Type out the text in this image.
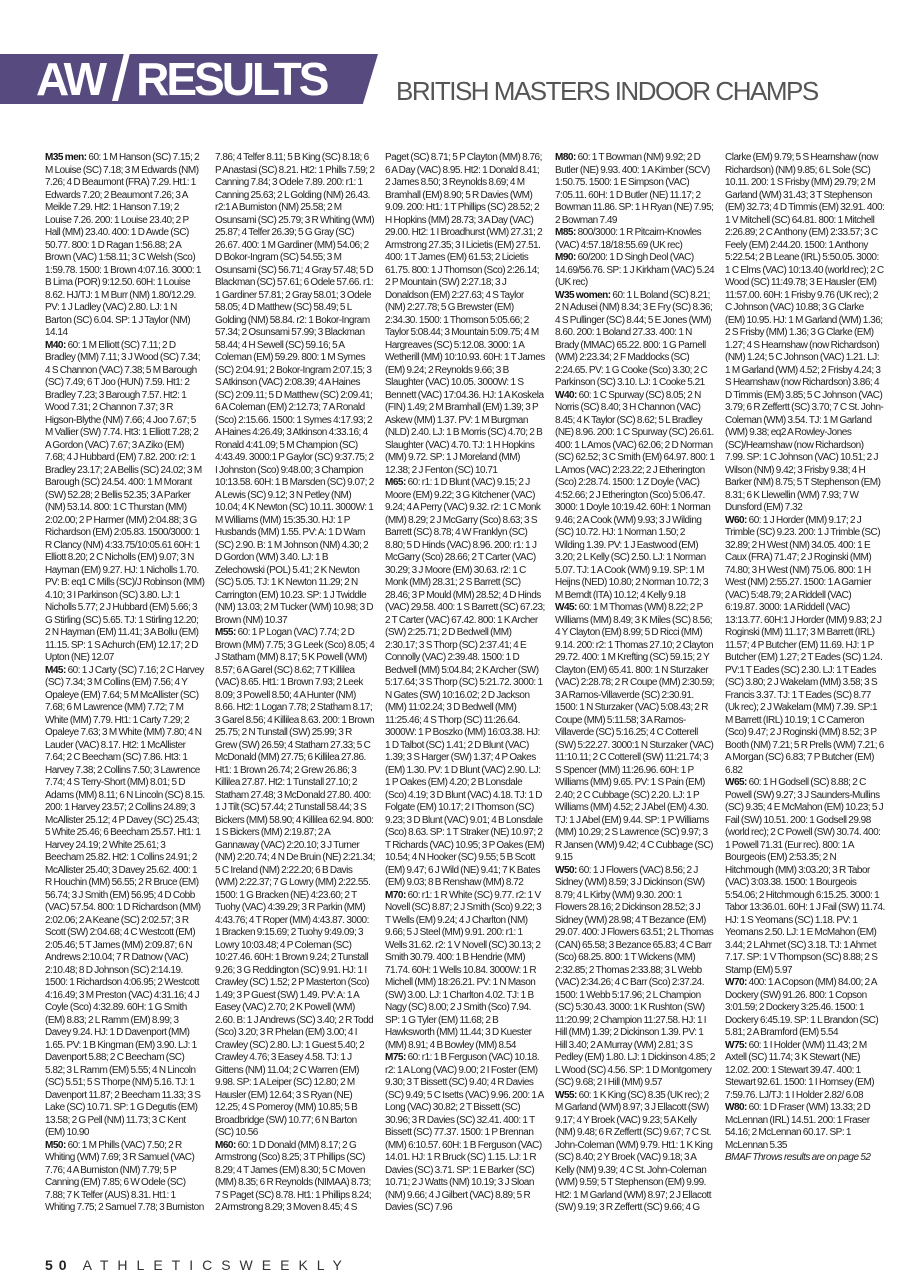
AW RESULTS	BRITISH MASTERS INDOOR CHAMPS

M35 men: 60: 1 M Hanson (SC) 7.15; 2 M Louise (SC) 7.18; 3 M Edwards (NM) 7.26; 4 D Beaumont (FRA) 7.29. Ht1: 1 Edwards 7.20; 2 Beaumont 7.26; 3 A Meikle 7.29. Ht2: 1 Hanson 7.19; 2 Louise 7.26. 200: 1 Louise 23.40; 2 P Hall (MM) 23.40. 400: 1 D Awde (SC) 50.77. 800: 1 D Ragan 1:56.88; 2 A Brown (VAC) 1:58.11; 3 C Welsh (Sco) 1:59.78. 1500: 1 Brown 4:07.16. 3000: 1 B Lima (POR) 9:12.50. 60H: 1 Louise 8.62. HJ/TJ: 1 M Burr (NM) 1.80/12.29. PV: 1 J Ladley (VAC) 2.80. LJ: 1 N Barton (SC) 6.04. SP: 1 J Taylor (NM) 14.14

M40: 60: 1 M Elliott (SC) 7.11; 2 D Bradley (MM) 7.11; 3 J Wood (SC) 7.34; 4 S Channon (VAC) 7.38; 5 M Barough (SC) 7.49; 6 T Joo (HUN) 7.59. Ht1: 2 Bradley 7.23; 3 Barough 7.57. Ht2: 1 Wood 7.31; 2 Channon 7.37; 3 R Higson-Blythe (NM) 7.66; 4 Joo 7.67; 5 M Vallier (SW) 7.74. Ht3: 1 Elliott 7.28; 2 A Gordon (VAC) 7.67; 3 A Ziko (EM) 7.68; 4 J Hubbard (EM) 7.82. 200: r2: 1 Bradley 23.17; 2 A Bellis (SC) 24.02; 3 M Barough (SC) 24.54. 400: 1 M Morant (SW) 52.28; 2 Bellis 52.35; 3 A Parker (NM) 53.14. 800: 1 C Thurstan (MM) 2:02.00; 2 P Harmer (MM) 2:04.88; 3 G Richardson (EM) 2:05.83. 1500/3000: 1 R Clancy (NM) 4:33.75/10:05.61 60H: 1 Elliott 8.20; 2 C Nicholls (EM) 9.07; 3 N Hayman (EM) 9.27. HJ: 1 Nicholls 1.70. PV: B: eq1 C Mills (SC)/J Robinson (MM) 4.10; 3 I Parkinson (SC) 3.80. LJ: 1 Nicholls 5.77; 2 J Hubbard (EM) 5.66; 3 G Stirling (SC) 5.65. TJ: 1 Stirling 12.20; 2 N Hayman (EM) 11.41; 3 A Bollu (EM) 11.15. SP: 1 S Achurch (EM) 12.17; 2 D Upton (NE) 12.07

M45: 60: 1 J Carty (SC) 7.16; 2 C Harvey (SC) 7.34; 3 M Collins (EM) 7.56; 4 Y Opaleye (EM) 7.64; 5 M McAllister (SC) 7.68; 6 M Lawrence (MM) 7.72; 7 M White (MM) 7.79. Ht1: 1 Carty 7.29; 2 Opaleye 7.63; 3 M White (MM) 7.80; 4 N Lauder (VAC) 8.17. Ht2: 1 McAllister 7.64; 2 C Beecham (SC) 7.86. Ht3: 1 Harvey 7.38; 2 Collins 7.50; 3 Lawrence 7.74; 4 S Terry-Short (MM) 8.01; 5 D Adams (MM) 8.11; 6 N Lincoln (SC) 8.15. 200: 1 Harvey 23.57; 2 Collins 24.89; 3 McAllister 25.12; 4 P Davey (SC) 25.43; 5 White 25.46; 6 Beecham 25.57. Ht1: 1 Harvey 24.19; 2 White 25.61; 3 Beecham 25.82. Ht2: 1 Collins 24.91; 2 McAllister 25.40; 3 Davey 25.62. 400: 1 R Houchin (MM) 56.55; 2 R Bruce (EM) 56.74; 3 J Smith (EM) 56.95; 4 D Cobb (VAC) 57.54. 800: 1 D Richardson (MM) 2:02.06; 2 A Keane (SC) 2:02.57; 3 R Scott (SW) 2:04.68; 4 C Westcott (EM) 2:05.46; 5 T James (MM) 2:09.87; 6 N Andrews 2:10.04; 7 R Datnow (VAC) 2:10.48; 8 D Johnson (SC) 2:14.19. 1500: 1 Richardson 4:06.95; 2 Westcott 4:16.49; 3 M Preston (VAC) 4:31.16; 4 J Coyle (Sco) 4:32.89. 60H: 1 G Smith (EM) 8.83; 2 L Ramm (EM) 8.99; 3 Davey 9.24. HJ: 1 D Davenport (MM) 1.65. PV: 1 B Kingman (EM) 3.90. LJ: 1 Davenport 5.88; 2 C Beecham (SC) 5.82; 3 L Ramm (EM) 5.55; 4 N Lincoln (SC) 5.51; 5 S Thorpe (NM) 5.16. TJ: 1 Davenport 11.87; 2 Beecham 11.33; 3 S Lake (SC) 10.71. SP: 1 G Degutis (EM) 13.58; 2 G Pell (NM) 11.73; 3 C Kent (EM) 10.90

M50: 60: 1 M Phills (VAC) 7.50; 2 R Whiting (WM) 7.69; 3 R Samuel (VAC) 7.76; 4 A Burniston (NM) 7.79; 5 P Canning (EM) 7.85; 6 W Odele (SC) 7.88; 7 K Telfer (AUS) 8.31. Ht1: 1 Whiting 7.75; 2 Samuel 7.78; 3 Burniston 7.86; 4 Telfer 8.11; 5 B King (SC) 8.18; 6 P Anastasi (SC) 8.21. Ht2: 1 Phills 7.59; 2 Canning 7.84; 3 Odele 7.89. 200: r1: 1 Canning 25.63; 2 L Golding (NM) 26.43. r2:1 A Burniston (NM) 25.58; 2 M Osunsami (SC) 25.79; 3 R Whiting (WM) 25.87; 4 Telfer 26.39; 5 G Gray (SC) 26.67. 400: 1 M Gardiner (MM) 54.06; 2 D Bokor-Ingram (SC) 54.55; 3 M Osunsami (SC) 56.71; 4 Gray 57.48; 5 D Blackman (SC) 57.61; 6 Odele 57.66. r1: 1 Gardiner 57.81; 2 Gray 58.01; 3 Odele 58.05; 4 D Matthew (SC) 58.49; 5 L Golding (NM) 58.84. r2: 1 Bokor-Ingram 57.34; 2 Osunsami 57.99; 3 Blackman 58.44; 4 H Sewell (SC) 59.16; 5 A Coleman (EM) 59.29. 800: 1 M Symes (SC) 2:04.91; 2 Bokor-Ingram 2:07.15; 3 S Atkinson (VAC) 2:08.39; 4 A Haines (SC) 2:09.11; 5 D Matthew (SC) 2:09.41; 6 A Coleman (EM) 2:12.73; 7 A Ronald (Sco) 2:15.66. 1500: 1 Symes 4:17.93; 2 A Haines 4:26.49; 3 Atkinson 4:33.16; 4 Ronald 4:41.09; 5 M Champion (SC) 4:43.49. 3000:1 P Gaylor (SC) 9:37.75; 2 I Johnston (Sco) 9:48.00; 3 Champion 10:13.58. 60H: 1 B Marsden (SC) 9.07; 2 A Lewis (SC) 9.12; 3 N Petley (NM) 10.04; 4 K Newton (SC) 10.11. 3000W: 1 M Williams (MM) 15:35.30. HJ: 1 P Husbands (MM) 1.55. PV: A: 1 D Warn (SC) 2.90. B: 1 M Johnson (NM) 4.30; 2 D Gordon (WM) 3.40. LJ: 1 B Zelechowski (POL) 5.41; 2 K Newton (SC) 5.05. TJ: 1 K Newton 11.29; 2 N Carrington (EM) 10.23. SP: 1 J Twiddle (NM) 13.03; 2 M Tucker (WM) 10.98; 3 D Brown (NM) 10.37

M55: 60: 1 P Logan (VAC) 7.74; 2 D Brown (MM) 7.75; 3 G Leek (Sco) 8.05; 4 J Statham (MM) 8.17; 5 K Powell (WM) 8.57; 6 A Garel (SC) 8.62; 7 T Killilea (VAC) 8.65. Ht1: 1 Brown 7.93; 2 Leek 8.09; 3 Powell 8.50; 4 A Hunter (NM) 8.66. Ht2: 1 Logan 7.78; 2 Statham 8.17; 3 Garel 8.56; 4 Killilea 8.63. 200: 1 Brown 25.75; 2 N Tunstall (SW) 25.99; 3 R Grew (SW) 26.59; 4 Statham 27.33; 5 C McDonald (MM) 27.75; 6 Killilea 27.86. Ht1: 1 Brown 26.74; 2 Grew 26.86; 3 Killilea 27.87. Ht2: 1 Tunstall 27.10; 2 Statham 27.48; 3 McDonald 27.80. 400: 1 J Tilt (SC) 57.44; 2 Tunstall 58.44; 3 S Bickers (MM) 58.90; 4 Killilea 62.94. 800: 1 S Bickers (MM) 2:19.87; 2 A Gannaway (VAC) 2:20.10; 3 J Turner (NM) 2:20.74; 4 N De Bruin (NE) 2:21.34; 5 C Ireland (NM) 2:22.20; 6 B Davis (WM) 2:22.37; 7 G Lowry (MM) 2:22.55. 1500: 1 G Bracken (NE) 4:23.60; 2 T Tuohy (VAC) 4:39.29; 3 R Parkin (MM) 4:43.76; 4 T Roper (MM) 4:43.87. 3000: 1 Bracken 9:15.69; 2 Tuohy 9:49.09; 3 Lowry 10:03.48; 4 P Coleman (SC) 10:27.46. 60H: 1 Brown 9.24; 2 Tunstall 9.26; 3 G Reddington (SC) 9.91. HJ: 1 I Crawley (SC) 1.52; 2 P Masterton (Sco) 1.49; 3 P Guest (SW) 1.49. PV: A: 1 A Easey (VAC) 2.70; 2 K Powell (WM) 2.60. B: 1 J Andrews (SC) 3.40; 2 R Todd (Sco) 3.20; 3 R Phelan (EM) 3.00; 4 I Crawley (SC) 2.80. LJ: 1 Guest 5.40; 2 Crawley 4.76; 3 Easey 4.58. TJ: 1 J Gittens (NM) 11.04; 2 C Warren (EM) 9.98. SP: 1 A Leiper (SC) 12.80; 2 M Hausler (EM) 12.64; 3 S Ryan (NE) 12.25; 4 S Pomeroy (MM) 10.85; 5 B Broadbridge (SW) 10.77; 6 N Barton (SC) 10.56

M60: 60: 1 D Donald (MM) 8.17; 2 G Armstrong (Sco) 8.25; 3 T Phillips (SC) 8.29; 4 T James (EM) 8.30; 5 C Moven (MM) 8.35; 6 R Reynolds (NIMAA) 8.73; 7 S Paget (SC) 8.78. Ht1: 1 Phillips 8.24; 2 Armstrong 8.29; 3 Moven 8.45; 4 S Paget (SC) 8.71; 5 P Clayton (MM) 8.76; 6 A Day (VAC) 8.95. Ht2: 1 Donald 8.41; 2 James 8.50; 3 Reynolds 8.69; 4 M Bramhall (EM) 8.90; 5 R Davies (WM) 9.09. 200: Ht1: 1 T Phillips (SC) 28.52; 2 H Hopkins (MM) 28.73; 3 A Day (VAC) 29.00. Ht2: 1 I Broadhurst (WM) 27.31; 2 Armstrong 27.35; 3 I Licietis (EM) 27.51. 400: 1 T James (EM) 61.53; 2 Licietis 61.75. 800: 1 J Thomson (Sco) 2:26.14; 2 P Mountain (SW) 2:27.18; 3 J Donaldson (EM) 2:27.63; 4 S Taylor (NM) 2:27.78; 5 G Brewster (EM) 2:34.30. 1500: 1 Thomson 5:05.66; 2 Taylor 5:08.44; 3 Mountain 5:09.75; 4 M Hargreaves (SC) 5:12.08. 3000: 1 A Wetherill (MM) 10:10.93. 60H: 1 T James (EM) 9.24; 2 Reynolds 9.66; 3 B Slaughter (VAC) 10.05. 3000W: 1 S Bennett (VAC) 17:04.36. HJ: 1 A Koskela (FIN) 1.49; 2 M Bramhall (EM) 1.39; 3 P Askew (MM) 1.37. PV: 1 M Burgman (NLD) 2.40. LJ: 1 B Morris (SC) 4.70; 2 B Slaughter (VAC) 4.70. TJ: 1 H Hopkins (MM) 9.72. SP: 1 J Moreland (MM) 12.38; 2 J Fenton (SC) 10.71

M65: 60: r1: 1 D Blunt (VAC) 9.15; 2 J Moore (EM) 9.22; 3 G Kitchener (VAC) 9.24; 4 A Perry (VAC) 9.32. r2: 1 C Monk (MM) 8.29; 2 J McGarry (Sco) 8.63; 3 S Barrett (SC) 8.78; 4 W Franklyn (SC) 8.80; 5 D Hinds (VAC) 8.96. 200: r1: 1 J McGarry (Sco) 28.66; 2 T Carter (VAC) 30.29; 3 J Moore (EM) 30.63. r2: 1 C Monk (MM) 28.31; 2 S Barrett (SC) 28.46; 3 P Mould (MM) 28.52; 4 D Hinds (VAC) 29.58. 400: 1 S Barrett (SC) 67.23; 2 T Carter (VAC) 67.42. 800: 1 K Archer (SW) 2:25.71; 2 D Bedwell (MM) 2:30.17; 3 S Thorp (SC) 2:37.41; 4 E Connolly (VAC) 2:39.48. 1500: 1 D Bedwell (MM) 5:04.84; 2 K Archer (SW) 5:17.64; 3 S Thorp (SC) 5:21.72. 3000: 1 N Gates (SW) 10:16.02; 2 D Jackson (MM) 11:02.24; 3 D Bedwell (MM) 11:25.46; 4 S Thorp (SC) 11:26.64. 3000W: 1 P Boszko (MM) 16:03.38. HJ: 1 D Talbot (SC) 1.41; 2 D Blunt (VAC) 1.39; 3 S Harger (SW) 1.37; 4 P Oakes (EM) 1.30. PV: 1 D Blunt (VAC) 2.90. LJ: 1 P Oakes (EM) 4.20; 2 B Lonsdale (Sco) 4.19; 3 D Blunt (VAC) 4.18. TJ: 1 D Folgate (EM) 10.17; 2 I Thomson (SC) 9.23; 3 D Blunt (VAC) 9.01; 4 B Lonsdale (Sco) 8.63. SP: 1 T Straker (NE) 10.97; 2 T Richards (VAC) 10.95; 3 P Oakes (EM) 10.54; 4 N Hooker (SC) 9.55; 5 B Scott (EM) 9.47; 6 J Wild (NE) 9.41; 7 K Bates (EM) 9.03; 8 B Renshaw (MM) 8.72

M70: 60: r1: 1 R White (SC) 9.77. r2: 1 V Novell (SC) 8.87; 2 J Smith (Sco) 9.22; 3 T Wells (EM) 9.24; 4 J Charlton (NM) 9.66; 5 J Steel (MM) 9.91. 200: r1: 1 Wells 31.62. r2: 1 V Novell (SC) 30.13; 2 Smith 30.79. 400: 1 B Hendrie (MM) 71.74. 60H: 1 Wells 10.84. 3000W: 1 R Michell (MM) 18:26.21. PV: 1 N Mason (SW) 3.00. LJ: 1 Charlton 4.02. TJ: 1 B Nagy (SC) 8.00; 2 J Smith (Sco) 7.94. SP: 1 G Tyler (EM) 11.68; 2 B Hawksworth (MM) 11.44; 3 D Kuester (MM) 8.91; 4 B Bowley (MM) 8.54

M75: 60: r1: 1 B Ferguson (VAC) 10.18. r2: 1 A Long (VAC) 9.00; 2 I Foster (EM) 9.30; 3 T Bissett (SC) 9.40; 4 R Davies (SC) 9.49; 5 C Isetts (VAC) 9.96. 200: 1 A Long (VAC) 30.82; 2 T Bissett (SC) 30.96; 3 R Davies (SC) 32.41. 400: 1 T Bissett (SC) 77.37. 1500: 1 P Brennan (MM) 6:10.57. 60H: 1 B Ferguson (VAC) 14.01. HJ: 1 R Bruck (SC) 1.15. LJ: 1 R Davies (SC) 3.71. SP: 1 E Barker (SC) 10.71; 2 J Watts (NM) 10.19; 3 J Sloan (NM) 9.66; 4 J Gilbert (VAC) 8.89; 5 R Davies (SC) 7.96

M80: 60: 1 T Bowman (NM) 9.92; 2 D Butler (NE) 9.93. 400: 1 A Kimber (SCV) 1:50.75. 1500: 1 E Simpson (VAC) 7:05.11. 60H: 1 D Butler (NE) 11.17; 2 Bowman 11.86. SP: 1 H Ryan (NE) 7.95; 2 Bowman 7.49

M85: 800/3000: 1 R Pitcairn-Knowles (VAC) 4:57.18/18:55.69 (UK rec)

M90: 60/200: 1 D Singh Deol (VAC) 14.69/56.76. SP: 1 J Kirkham (VAC) 5.24 (UK rec)

W35 women: 60: 1 L Boland (SC) 8.21; 2 N Adusei (NM) 8.34; 3 E Fry (SC) 8.36; 4 S Pullinger (SC) 8.44; 5 E Jones (WM) 8.60. 200: 1 Boland 27.33. 400: 1 N Brady (MMAC) 65.22. 800: 1 G Parnell (WM) 2:23.34; 2 F Maddocks (SC) 2:24.65. PV: 1 G Cooke (Sco) 3.30; 2 C Parkinson (SC) 3.10. LJ: 1 Cooke 5.21

W40: 60: 1 C Spurway (SC) 8.05; 2 N Norris (SC) 8.40; 3 H Channon (VAC) 8.45; 4 K Taylor (SC) 8.62; 5 L Bradley (NE) 8.96. 200: 1 C Spurway (SC) 26.61. 400: 1 L Amos (VAC) 62.06; 2 D Norman (SC) 62.52; 3 C Smith (EM) 64.97. 800: 1 L Amos (VAC) 2:23.22; 2 J Etherington (Sco) 2:28.74. 1500: 1 Z Doyle (VAC) 4:52.66; 2 J Etherington (Sco) 5:06.47. 3000: 1 Doyle 10:19.42. 60H: 1 Norman 9.46; 2 A Cook (WM) 9.93; 3 J Wilding (SC) 10.72. HJ: 1 Norman 1.50; 2 Wilding 1.39. PV: 1 J Eastwood (EM) 3.20; 2 L Kelly (SC) 2.50. LJ: 1 Norman 5.07. TJ: 1 A Cook (WM) 9.19. SP: 1 M Heijns (NED) 10.80; 2 Norman 10.72; 3 M Berndt (ITA) 10.12; 4 Kelly 9.18

W45: 60: 1 M Thomas (WM) 8.22; 2 P Williams (MM) 8.49; 3 K Miles (SC) 8.56; 4 Y Clayton (EM) 8.99; 5 D Ricci (MM) 9.14. 200: r2: 1 Thomas 27.10; 2 Clayton 29.72. 400: 1 M Krefting (SC) 59.15; 2 Y Clayton (EM) 65.41. 800: 1 N Sturzaker (VAC) 2:28.78; 2 R Coupe (MM) 2:30.59; 3 A Ramos-Villaverde (SC) 2:30.91. 1500: 1 N Sturzaker (VAC) 5:08.43; 2 R Coupe (MM) 5:11.58; 3 A Ramos-Villaverde (SC) 5:16.25; 4 C Cotterell (SW) 5:22.27. 3000:1 N Sturzaker (VAC) 11:10.11; 2 C Cotterell (SW) 11:21.74; 3 S Spencer (MM) 11:26.96. 60H: 1 P Williams (MM) 9.65. PV: 1 S Pain (EM) 2.40; 2 C Cubbage (SC) 2.20. LJ: 1 P Williams (MM) 4.52; 2 J Abel (EM) 4.30. TJ: 1 J Abel (EM) 9.44. SP: 1 P Williams (MM) 10.29; 2 S Lawrence (SC) 9.97; 3 R Jansen (WM) 9.42; 4 C Cubbage (SC) 9.15

W50: 60: 1 J Flowers (VAC) 8.56; 2 J Sidney (WM) 8.59; 3 J Dickinson (SW) 8.79; 4 L Kirby (WM) 9.30. 200: 1 Flowers 28.16; 2 Dickinson 28.52; 3 J Sidney (WM) 28.98; 4 T Bezance (EM) 29.07. 400: J Flowers 63.51; 2 L Thomas (CAN) 65.58; 3 Bezance 65.83; 4 C Barr (Sco) 68.25. 800: 1 T Wickens (MM) 2:32.85; 2 Thomas 2:33.88; 3 L Webb (VAC) 2:34.26; 4 C Barr (Sco) 2:37.24. 1500: 1 Webb 5:17.96; 2 L Champion (SC) 5:30.43. 3000: 1 K Rushton (SW) 11:20.99; 2 Champion 11:27.58. HJ: 1 I Hill (MM) 1.39; 2 Dickinson 1.39. PV: 1 Hill 3.40; 2 A Murray (WM) 2.81; 3 S Pedley (EM) 1.80. LJ: 1 Dickinson 4.85; 2 L Wood (SC) 4.56. SP: 1 D Montgomery (SC) 9.68; 2 I Hill (MM) 9.57

W55: 60: 1 K King (SC) 8.35 (UK rec); 2 M Garland (WM) 8.97; 3 J Ellacott (SW) 9.17; 4 Y Broek (VAC) 9.23; 5 A Kelly (NM) 9.48; 6 R Zeffertt (SC) 9.67; 7 C St. John-Coleman (WM) 9.79. Ht1: 1 K King (SC) 8.40; 2 Y Broek (VAC) 9.18; 3 A Kelly (NM) 9.39; 4 C St. John-Coleman (WM) 9.59; 5 T Stephenson (EM) 9.99. Ht2: 1 M Garland (WM) 8.97; 2 J Ellacott (SW) 9.19; 3 R Zeffertt (SC) 9.66; 4 G Clarke (EM) 9.79; 5 S Hearnshaw (now Richardson) (NM) 9.85; 6 L Sole (SC) 10.11. 200: 1 S Frisby (MM) 29.79; 2 M Garland (WM) 31.43; 3 T Stephenson (EM) 32.73; 4 D Timmis (EM) 32.91. 400: 1 V Mitchell (SC) 64.81. 800: 1 Mitchell 2:26.89; 2 C Anthony (EM) 2:33.57; 3 C Feely (EM) 2:44.20. 1500: 1 Anthony 5:22.54; 2 B Leane (IRL) 5:50.05. 3000: 1 C Elms (VAC) 10:13.40 (world rec); 2 C Wood (SC) 11:49.78; 3 E Hausler (EM) 11:57.00. 60H: 1 Frisby 9.76 (UK rec); 2 C Johnson (VAC) 10.88; 3 G Clarke (EM) 10.95. HJ: 1 M Garland (WM) 1.36; 2 S Frisby (MM) 1.36; 3 G Clarke (EM) 1.27; 4 S Hearnshaw (now Richardson) (NM) 1.24; 5 C Johnson (VAC) 1.21. LJ: 1 M Garland (WM) 4.52; 2 Frisby 4.24; 3 S Hearnshaw (now Richardson) 3.86; 4 D Timmis (EM) 3.85; 5 C Johnson (VAC) 3.79; 6 R Zeffertt (SC) 3.70; 7 C St. John-Coleman (WM) 3.54. TJ: 1 M Garland (WM) 9.38; eq2 A Rowley-Jones (SC)/Hearnshaw (now Richardson) 7.99. SP: 1 C Johnson (VAC) 10.51; 2 J Wilson (NM) 9.42; 3 Frisby 9.38; 4 H Barker (NM) 8.75; 5 T Stephenson (EM) 8.31; 6 K Llewellin (WM) 7.93; 7 W Dunsford (EM) 7.32

W60: 60: 1 J Horder (MM) 9.17; 2 J Trimble (SC) 9.23. 200: 1 J Trimble (SC) 32.89; 2 H West (NM) 34.05. 400: 1 E Caux (FRA) 71.47; 2 J Roginski (MM) 74.80; 3 H West (NM) 75.06. 800: 1 H West (NM) 2:55.27. 1500: 1 A Garnier (VAC) 5:48.79; 2 A Riddell (VAC) 6:19.87. 3000: 1 A Riddell (VAC) 13:13.77. 60H:1 J Horder (MM) 9.83; 2 J Roginski (MM) 11.17; 3 M Barrett (IRL) 11.57; 4 P Butcher (EM) 11.69. HJ: 1 P Butcher (EM) 1.27; 2 T Eades (SC) 1.24. PV:1 T Eades (SC) 2.30. LJ: 1 T Eades (SC) 3.80; 2 J Wakelam (MM) 3.58; 3 S Francis 3.37. TJ: 1 T Eades (SC) 8.77 (Uk rec); 2 J Wakelam (MM) 7.39. SP:1 M Barrett (IRL) 10.19; 1 C Cameron (Sco) 9.47; 2 J Roginski (MM) 8.52; 3 P Booth (NM) 7.21; 5 R Prells (WM) 7.21; 6 A Morgan (SC) 6.83; 7 P Butcher (EM) 6.82

W65: 60: 1 H Godsell (SC) 8.88; 2 C Powell (SW) 9.27; 3 J Saunders-Mullins (SC) 9.35; 4 E McMahon (EM) 10.23; 5 J Fail (SW) 10.51. 200: 1 Godsell 29.98 (world rec); 2 C Powell (SW) 30.74. 400: 1 Powell 71.31 (Eur rec). 800: 1 A Bourgeois (EM) 2:53.35; 2 N Hitchmough (MM) 3:03.20; 3 R Tabor (VAC) 3:03.38. 1500: 1 Bourgeois 5:54.06; 2 Hitchmough 6:15.25. 3000: 1 Tabor 13:36.01. 60H: 1 J Fail (SW) 11.74. HJ: 1 S Yeomans (SC) 1.18. PV: 1 Yeomans 2.50. LJ: 1 E McMahon (EM) 3.44; 2 L Ahmet (SC) 3.18. TJ: 1 Ahmet 7.17. SP: 1 V Thompson (SC) 8.88; 2 S Stamp (EM) 5.97

W70: 400: 1 A Copson (MM) 84.00; 2 A Dockery (SW) 91.26. 800: 1 Copson 3:01.59; 2 Dockery 3:25.46. 1500: 1 Dockery 6:45.19. SP: 1 L Brandon (SC) 5.81; 2 A Bramford (EM) 5.54

W75: 60: 1 I Holder (WM) 11.43; 2 M Axtell (SC) 11.74; 3 K Stewart (NE) 12.02. 200: 1 Stewart 39.47. 400: 1 Stewart 92.61. 1500: 1 I Hornsey (EM) 7:59.76. LJ/TJ: 1 I Holder 2.82/ 6.08

W80: 60: 1 D Fraser (WM) 13.33; 2 D McLennan (IRL) 14.51. 200: 1 Fraser 54.16; 2 McLennan 60.17. SP: 1 McLennan 5.35

BMAF Throws results are on page 52

50 ATHLETICSWEEKLY
